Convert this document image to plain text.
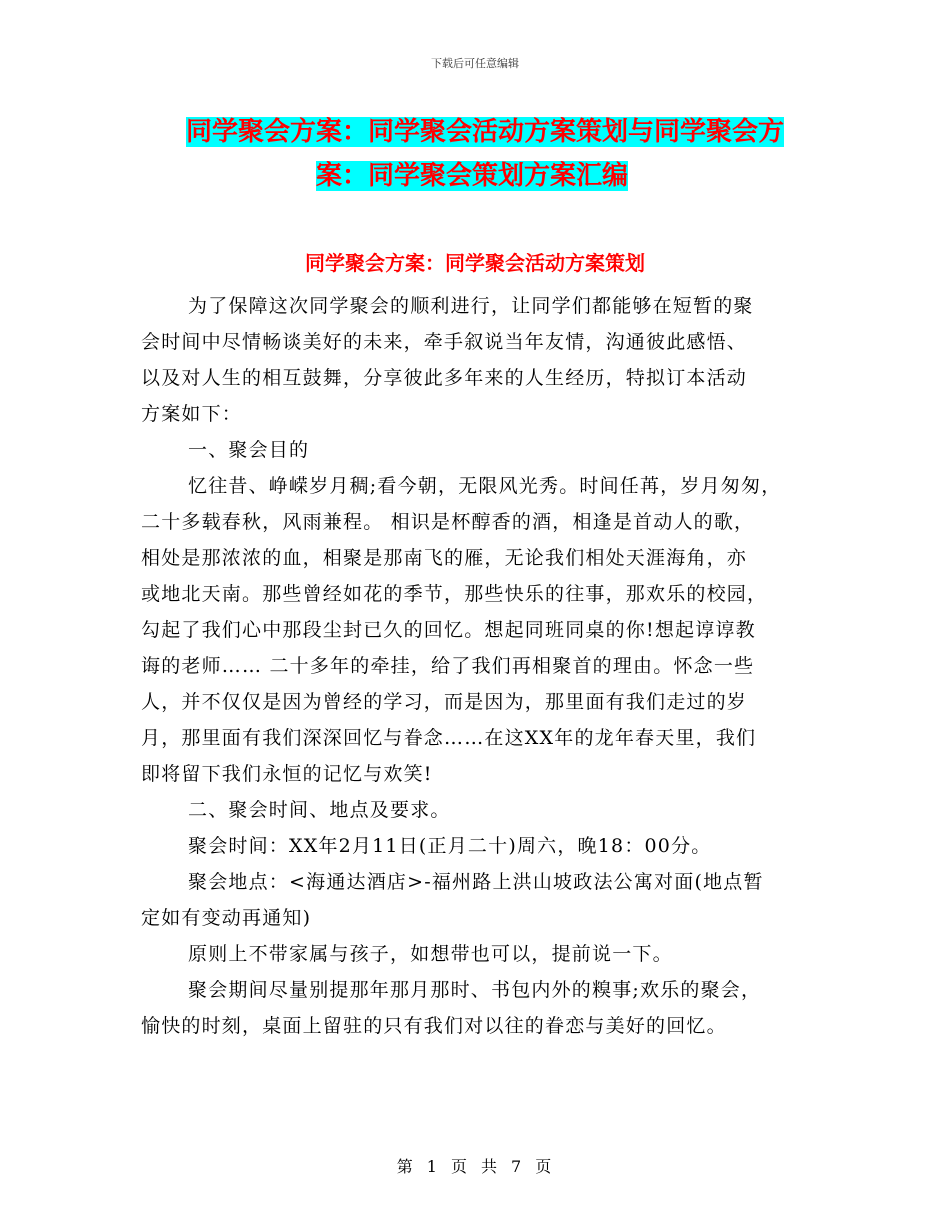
下载后可任意编辑
同学聚会方案：同学聚会活动方案策划与同学聚会方
案：同学聚会策划方案汇编
同学聚会方案：同学聚会活动方案策划
为了保障这次同学聚会的顺利进行，让同学们都能够在短暂的聚
会时间中尽情畅谈美好的未来，牵手叙说当年友情，沟通彼此感悟、
以及对人生的相互鼓舞，分享彼此多年来的人生经历，特拟订本活动
方案如下：
一、聚会目的
忆往昔、峥嵘岁月稠;看今朝，无限风光秀。时间任苒，岁月匆匆，
二十多载春秋，风雨兼程。 相识是杯醇香的酒，相逢是首动人的歌，
相处是那浓浓的血，相聚是那南飞的雁，无论我们相处天涯海角，亦
或地北天南。那些曾经如花的季节，那些快乐的往事，那欢乐的校园，
勾起了我们心中那段尘封已久的回忆。想起同班同桌的你!想起谆谆教
诲的老师…… 二十多年的牵挂，给了我们再相聚首的理由。怀念一些
人，并不仅仅是因为曾经的学习，而是因为，那里面有我们走过的岁
月，那里面有我们深深回忆与眷念……在这XX年的龙年春天里，我们
即将留下我们永恒的记忆与欢笑!
二、聚会时间、地点及要求。
聚会时间：XX年2月11日(正月二十)周六，晚18：00分。
聚会地点：<海通达酒店>-福州路上洪山坡政法公寓对面(地点暂
定如有变动再通知)
原则上不带家属与孩子，如想带也可以，提前说一下。
聚会期间尽量别提那年那月那时、书包内外的糗事;欢乐的聚会，
愉快的时刻，桌面上留驻的只有我们对以往的眷恋与美好的回忆。
第 1 页 共 7 页
